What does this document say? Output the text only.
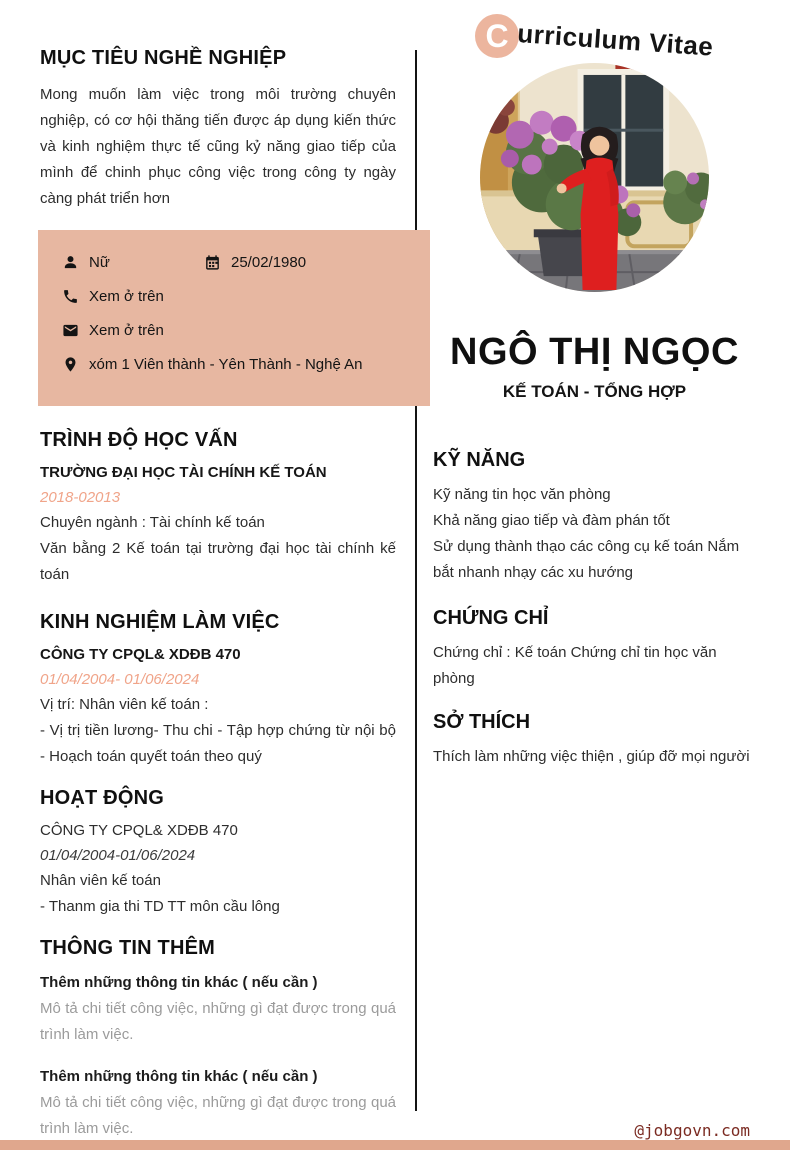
MỤC TIÊU NGHỀ NGHIỆP
Mong muốn làm việc trong môi trường chuyên nghiệp, có cơ hội thăng tiến được áp dụng kiến thức và kinh nghiệm thực tế cũng kỷ năng giao tiếp của mình để chinh phục công việc trong công ty ngày càng phát triển hơn
Nữ	25/02/1980
Xem ở trên
Xem ở trên
xóm 1 Viên thành - Yên Thành - Nghệ An
TRÌNH ĐỘ HỌC VẤN
TRƯỜNG ĐẠI HỌC TÀI CHÍNH KẾ TOÁN
2018-02013
Chuyên ngành : Tài chính kế toán
Văn bằng 2 Kế toán tại trường đại học tài chính kế toán
KINH NGHIỆM LÀM VIỆC
CÔNG TY CPQL& XDĐB 470
01/04/2004- 01/06/2024
Vị trí: Nhân viên kế toán :
- Vị trị tiền lương- Thu chi - Tập hợp chứng từ nội bộ - Hoạch toán quyết toán theo quý
HOẠT ĐỘNG
CÔNG TY CPQL& XDĐB 470
01/04/2004-01/06/2024
Nhân viên kế toán
- Thanm gia thi TD TT môn cầu lông
THÔNG TIN THÊM
Thêm những thông tin khác ( nếu cần )
Mô tả chi tiết công việc, những gì đạt được trong quá trình làm việc.
Thêm những thông tin khác ( nếu cần )
Mô tả chi tiết công việc, những gì đạt được trong quá trình làm việc.
C urriculum Vitae
NGÔ THỊ NGỌC
KẾ TOÁN - TỔNG HỢP
KỸ NĂNG
Kỹ năng tin học văn phòng
Khả năng giao tiếp và đàm phán tốt
Sử dụng thành thạo các công cụ kế toán Nắm bắt nhanh nhạy các xu hướng
CHỨNG CHỈ
Chứng chỉ : Kế toán Chứng chỉ tin học văn phòng
SỞ THÍCH
Thích làm những việc thiện , giúp đỡ mọi người
@jobgovn.com
